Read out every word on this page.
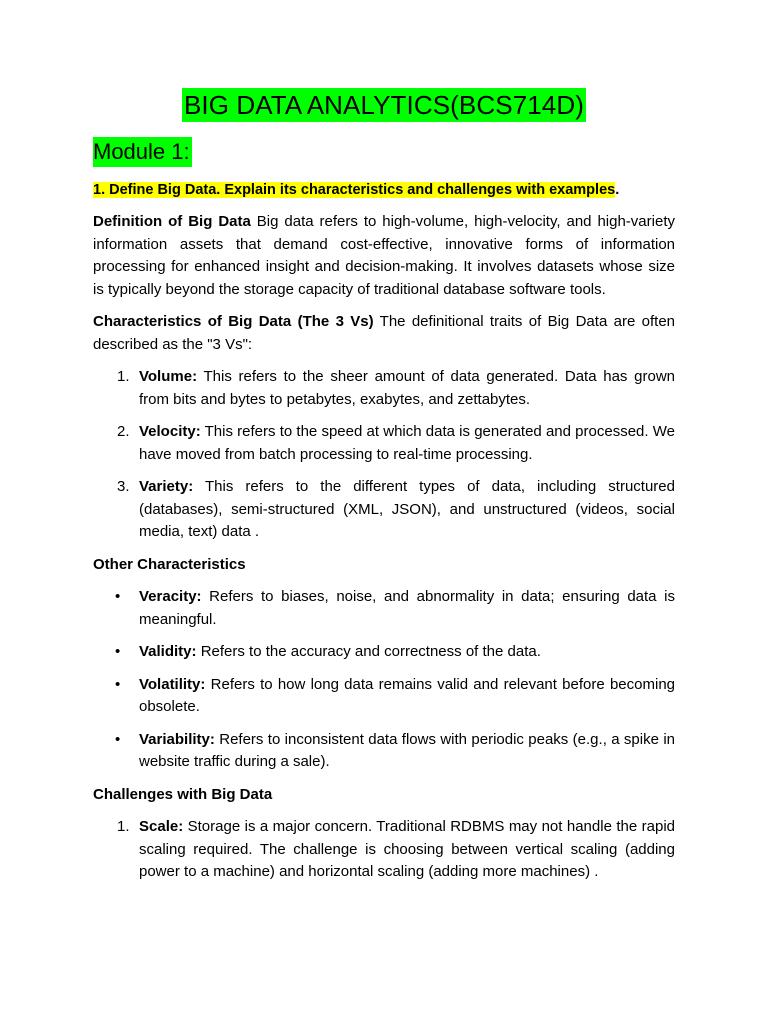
BIG DATA ANALYTICS(BCS714D)
Module 1:
1. Define Big Data. Explain its characteristics and challenges with examples.

Definition of Big Data Big data refers to high-volume, high-velocity, and high-variety information assets that demand cost-effective, innovative forms of information processing for enhanced insight and decision-making. It involves datasets whose size is typically beyond the storage capacity of traditional database software tools.

Characteristics of Big Data (The 3 Vs) The definitional traits of Big Data are often described as the "3 Vs":

1. Volume: This refers to the sheer amount of data generated. Data has grown from bits and bytes to petabytes, exabytes, and zettabytes.
2. Velocity: This refers to the speed at which data is generated and processed. We have moved from batch processing to real-time processing.
3. Variety: This refers to the different types of data, including structured (databases), semi-structured (XML, JSON), and unstructured (videos, social media, text) data .
Other Characteristics
• Veracity: Refers to biases, noise, and abnormality in data; ensuring data is meaningful.
• Validity: Refers to the accuracy and correctness of the data.
• Volatility: Refers to how long data remains valid and relevant before becoming obsolete.
• Variability: Refers to inconsistent data flows with periodic peaks (e.g., a spike in website traffic during a sale).
Challenges with Big Data
1. Scale: Storage is a major concern. Traditional RDBMS may not handle the rapid scaling required. The challenge is choosing between vertical scaling (adding power to a machine) and horizontal scaling (adding more machines) .
